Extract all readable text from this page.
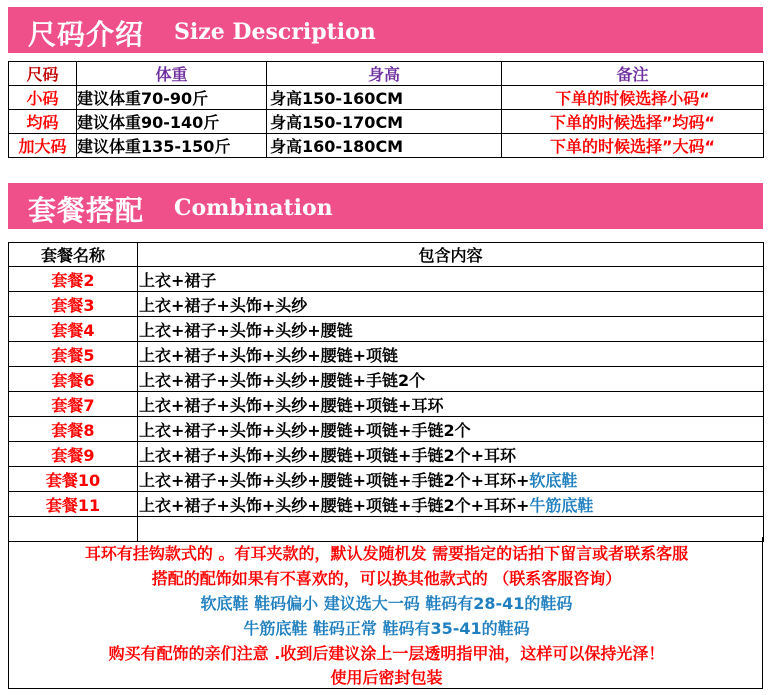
尺码介绍 Size Description
尺码	体重	身高	备注
小码	建议体重70-90斤	身高150-160CM	下单的时候选择小码“
均码	建议体重90-140斤	身高150-170CM	下单的时候选择”均码“
加大码	建议体重135-150斤	身高160-180CM	下单的时候选择”大码“
套餐搭配 Combination
套餐名称	包含内容
套餐2	上衣+裙子
套餐3	上衣+裙子+头饰+头纱
套餐4	上衣+裙子+头饰+头纱+腰链
套餐5	上衣+裙子+头饰+头纱+腰链+项链
套餐6	上衣+裙子+头饰+头纱+腰链+手链2个
套餐7	上衣+裙子+头饰+头纱+腰链+项链+耳环
套餐8	上衣+裙子+头饰+头纱+腰链+项链+手链2个
套餐9	上衣+裙子+头饰+头纱+腰链+项链+手链2个+耳环
套餐10	上衣+裙子+头饰+头纱+腰链+项链+手链2个+耳环+软底鞋
套餐11	上衣+裙子+头饰+头纱+腰链+项链+手链2个+耳环+牛筋底鞋

耳环有挂钩款式的 。有耳夹款的，默认发随机发 需要指定的话拍下留言或者联系客服
搭配的配饰如果有不喜欢的，可以换其他款式的 （联系客服咨询）
软底鞋 鞋码偏小 建议选大一码 鞋码有28-41的鞋码
牛筋底鞋 鞋码正常 鞋码有35-41的鞋码
购买有配饰的亲们注意 .收到后建议涂上一层透明指甲油，这样可以保持光泽！
使用后密封包装
